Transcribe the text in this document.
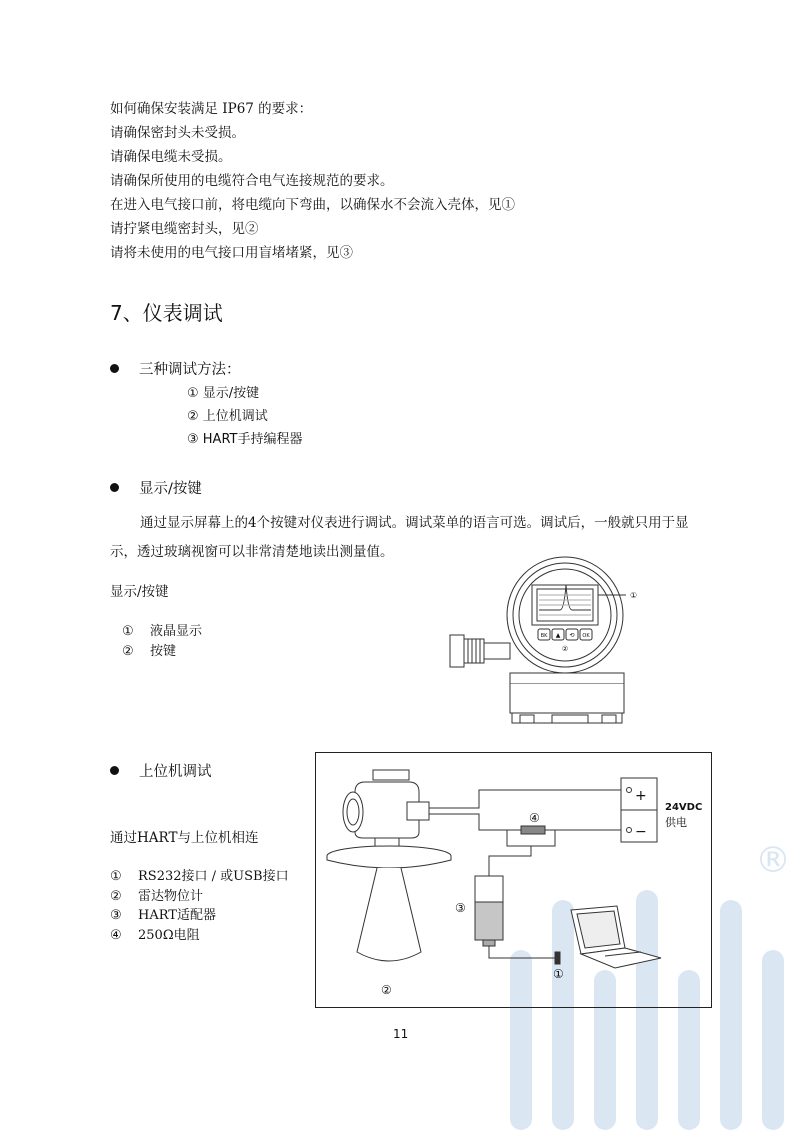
如何确保安装满足 IP67 的要求：
请确保密封头未受损。
请确保电缆未受损。
请确保所使用的电缆符合电气连接规范的要求。
在进入电气接口前，将电缆向下弯曲，以确保水不会流入壳体，见①
请拧紧电缆密封头，见②
请将未使用的电气接口用盲堵堵紧，见③
7、仪表调试
三种调试方法：
① 显示/按键
② 上位机调试
③ HART手持编程器
显示/按键
通过显示屏幕上的4个按键对仪表进行调试。调试菜单的语言可选。调试后，一般就只用于显示，透过玻璃视窗可以非常清楚地读出测量值。
显示/按键
① 液晶显示
② 按键
BK ▲ ⟲ OK
①
②
上位机调试
通过HART与上位机相连
① RS232接口 / 或USB接口
② 雷达物位计
③ HART适配器
④ 250Ω电阻
®
+
−
24VDC
供电
④
③
①
②
11
